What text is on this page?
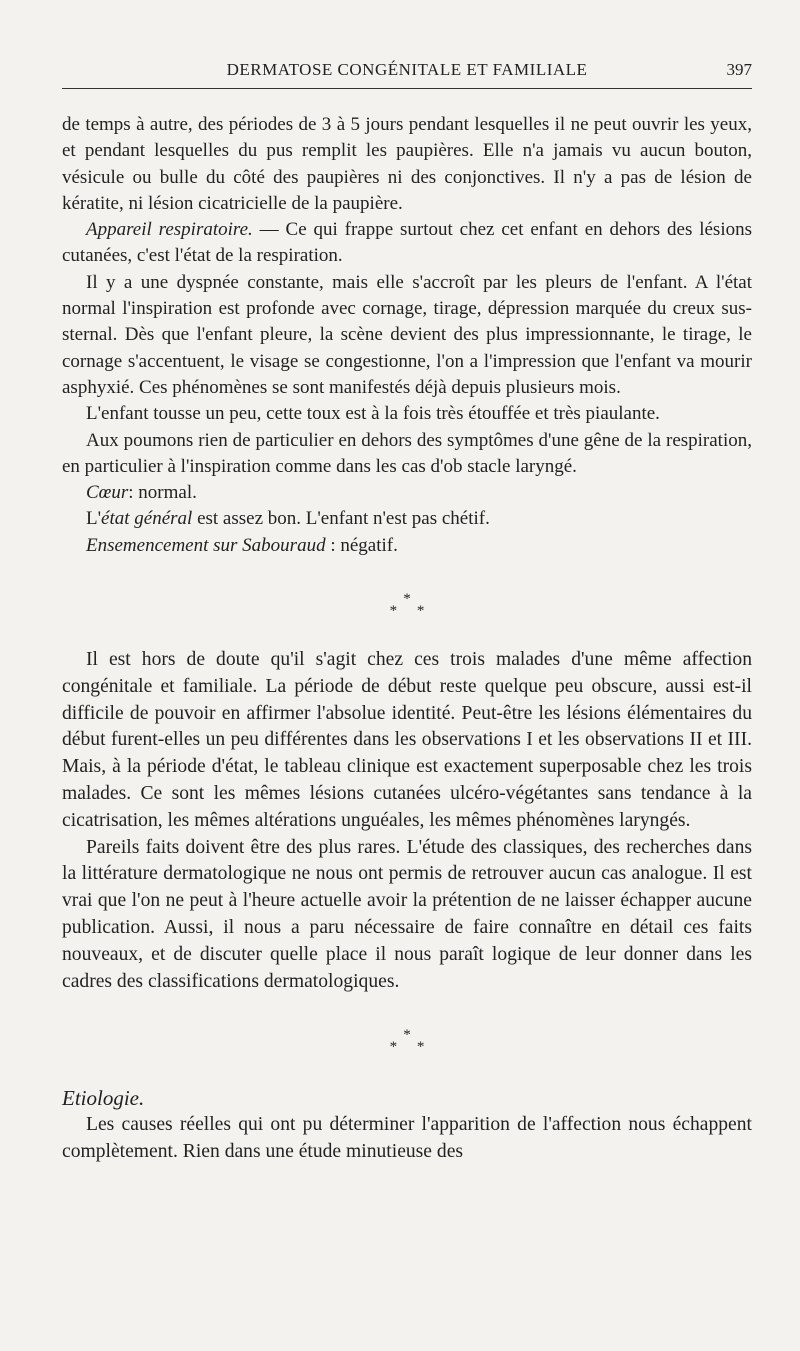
DERMATOSE CONGÉNITALE ET FAMILIALE	397

de temps à autre, des périodes de 3 à 5 jours pendant lesquelles il ne peut ouvrir les yeux, et pendant lesquelles du pus remplit les paupières. Elle n'a jamais vu aucun bouton, vésicule ou bulle du côté des paupières ni des conjonctives. Il n'y a pas de lésion de kératite, ni lésion cicatricielle de la paupière.

Appareil respiratoire. — Ce qui frappe surtout chez cet enfant en dehors des lésions cutanées, c'est l'état de la respiration.

Il y a une dyspnée constante, mais elle s'accroît par les pleurs de l'enfant. A l'état normal l'inspiration est profonde avec cornage, tirage, dépression marquée du creux sus-sternal. Dès que l'enfant pleure, la scène devient des plus impressionnante, le tirage, le cornage s'accentuent, le visage se congestionne, l'on a l'impression que l'enfant va mourir asphyxié. Ces phénomènes se sont manifestés déjà depuis plusieurs mois.

L'enfant tousse un peu, cette toux est à la fois très étouffée et très piaulante.

Aux poumons rien de particulier en dehors des symptômes d'une gêne de la respiration, en particulier à l'inspiration comme dans les cas d'ob stacle laryngé.

Cœur: normal.

L'état général est assez bon. L'enfant n'est pas chétif.

Ensemencement sur Sabouraud : négatif.

*
* *

Il est hors de doute qu'il s'agit chez ces trois malades d'une même affection congénitale et familiale. La période de début reste quelque peu obscure, aussi est-il difficile de pouvoir en affirmer l'absolue identité. Peut-être les lésions élémentaires du début furent-elles un peu différentes dans les observations I et les observations II et III. Mais, à la période d'état, le tableau clinique est exactement superposable chez les trois malades. Ce sont les mêmes lésions cutanées ulcéro-végétantes sans tendance à la cicatrisation, les mêmes altérations unguéales, les mêmes phénomènes laryngés.

Pareils faits doivent être des plus rares. L'étude des classiques, des recherches dans la littérature dermatologique ne nous ont permis de retrouver aucun cas analogue. Il est vrai que l'on ne peut à l'heure actuelle avoir la prétention de ne laisser échapper aucune publication. Aussi, il nous a paru nécessaire de faire connaître en détail ces faits nouveaux, et de discuter quelle place il nous paraît logique de leur donner dans les cadres des classifications dermatologiques.

*
* *

Etiologie.

Les causes réelles qui ont pu déterminer l'apparition de l'affection nous échappent complètement. Rien dans une étude minutieuse des
